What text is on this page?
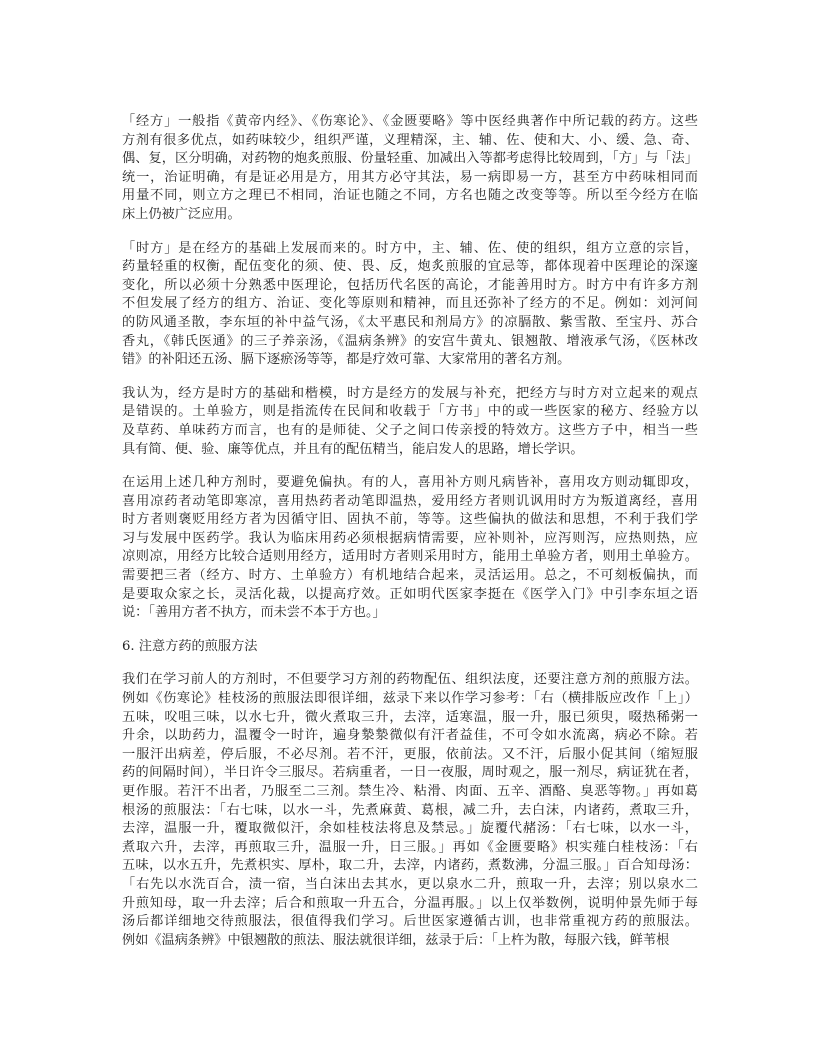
「经方」一般指《黄帝内经》、《伤寒论》、《金匮要略》等中医经典著作中所记载的药方。这些
方剂有很多优点，如药味较少，组织严谨，义理精深，主、辅、佐、使和大、小、缓、急、奇、
偶、复，区分明确，对药物的炮炙煎服、份量轻重、加减出入等都考虑得比较周到，「方」与「法」
统一，治证明确，有是证必用是方，用其方必守其法，易一病即易一方，甚至方中药味相同而
用量不同，则立方之理已不相同，治证也随之不同，方名也随之改变等等。所以至今经方在临
床上仍被广泛应用。
「时方」是在经方的基础上发展而来的。时方中，主、辅、佐、使的组织，组方立意的宗旨，
药量轻重的权衡，配伍变化的须、使、畏、反，炮炙煎服的宜忌等，都体现着中医理论的深邃
变化，所以必须十分熟悉中医理论，包括历代名医的高论，才能善用时方。时方中有许多方剂
不但发展了经方的组方、治证、变化等原则和精神，而且还弥补了经方的不足。例如：刘河间
的防风通圣散，李东垣的补中益气汤，《太平惠民和剂局方》的凉膈散、紫雪散、至宝丹、苏合
香丸，《韩氏医通》的三子养亲汤，《温病条辨》的安宫牛黄丸、银翘散、增液承气汤，《医林改
错》的补阳还五汤、膈下逐瘀汤等等，都是疗效可靠、大家常用的著名方剂。
我认为，经方是时方的基础和楷模，时方是经方的发展与补充，把经方与时方对立起来的观点
是错误的。土单验方，则是指流传在民间和收载于「方书」中的或一些医家的秘方、经验方以
及草药、单味药方而言，也有的是师徒、父子之间口传亲授的特效方。这些方子中，相当一些
具有简、便、验、廉等优点，并且有的配伍精当，能启发人的思路，增长学识。
在运用上述几种方剂时，要避免偏执。有的人，喜用补方则凡病皆补，喜用攻方则动辄即攻，
喜用凉药者动笔即寒凉，喜用热药者动笔即温热，爱用经方者则讥讽用时方为叛道离经，喜用
时方者则褒贬用经方者为因循守旧、固执不前，等等。这些偏执的做法和思想，不利于我们学
习与发展中医药学。我认为临床用药必须根据病情需要，应补则补，应泻则泻，应热则热，应
凉则凉，用经方比较合适则用经方，适用时方者则采用时方，能用土单验方者，则用土单验方。
需要把三者（经方、时方、土单验方）有机地结合起来，灵活运用。总之，不可刻板偏执，而
是要取众家之长，灵活化裁，以提高疗效。正如明代医家李挺在《医学入门》中引李东垣之语
说：「善用方者不执方，而未尝不本于方也。」
6. 注意方药的煎服方法
我们在学习前人的方剂时，不但要学习方剂的药物配伍、组织法度，还要注意方剂的煎服方法。
例如《伤寒论》桂枝汤的煎服法即很详细，兹录下来以作学习参考：「右（横排版应改作「上」）
五味，㕮咀三味，以水七升，微火煮取三升，去滓，适寒温，服一升，服已须臾，啜热稀粥一
升余，以助药力，温覆令一时许，遍身漐漐微似有汗者益佳，不可令如水流离，病必不除。若
一服汗出病差，停后服，不必尽剂。若不汗，更服，依前法。又不汗，后服小促其间（缩短服
药的间隔时间），半日许令三服尽。若病重者，一日一夜服，周时观之，服一剂尽，病证犹在者，
更作服。若汗不出者，乃服至二三剂。禁生冷、粘滑、肉面、五辛、酒酪、臭恶等物。」再如葛
根汤的煎服法：「右七味，以水一斗，先煮麻黄、葛根，减二升，去白沫，内诸药，煮取三升，
去滓，温服一升，覆取微似汗，余如桂枝法将息及禁忌。」旋覆代赭汤：「右七味，以水一斗，
煮取六升，去滓，再煎取三升，温服一升，日三服。」再如《金匮要略》枳实薤白桂枝汤：「右
五味，以水五升，先煮枳实、厚朴，取二升，去滓，内诸药，煮数沸，分温三服。」百合知母汤：
「右先以水洗百合，渍一宿，当白沫出去其水，更以泉水二升，煎取一升，去滓；别以泉水二
升煎知母，取一升去滓；后合和煎取一升五合，分温再服。」以上仅举数例，说明仲景先师于每
汤后都详细地交待煎服法，很值得我们学习。后世医家遵循古训，也非常重视方药的煎服法。
例如《温病条辨》中银翘散的煎法、服法就很详细，兹录于后：「上杵为散，每服六钱，鲜苇根
